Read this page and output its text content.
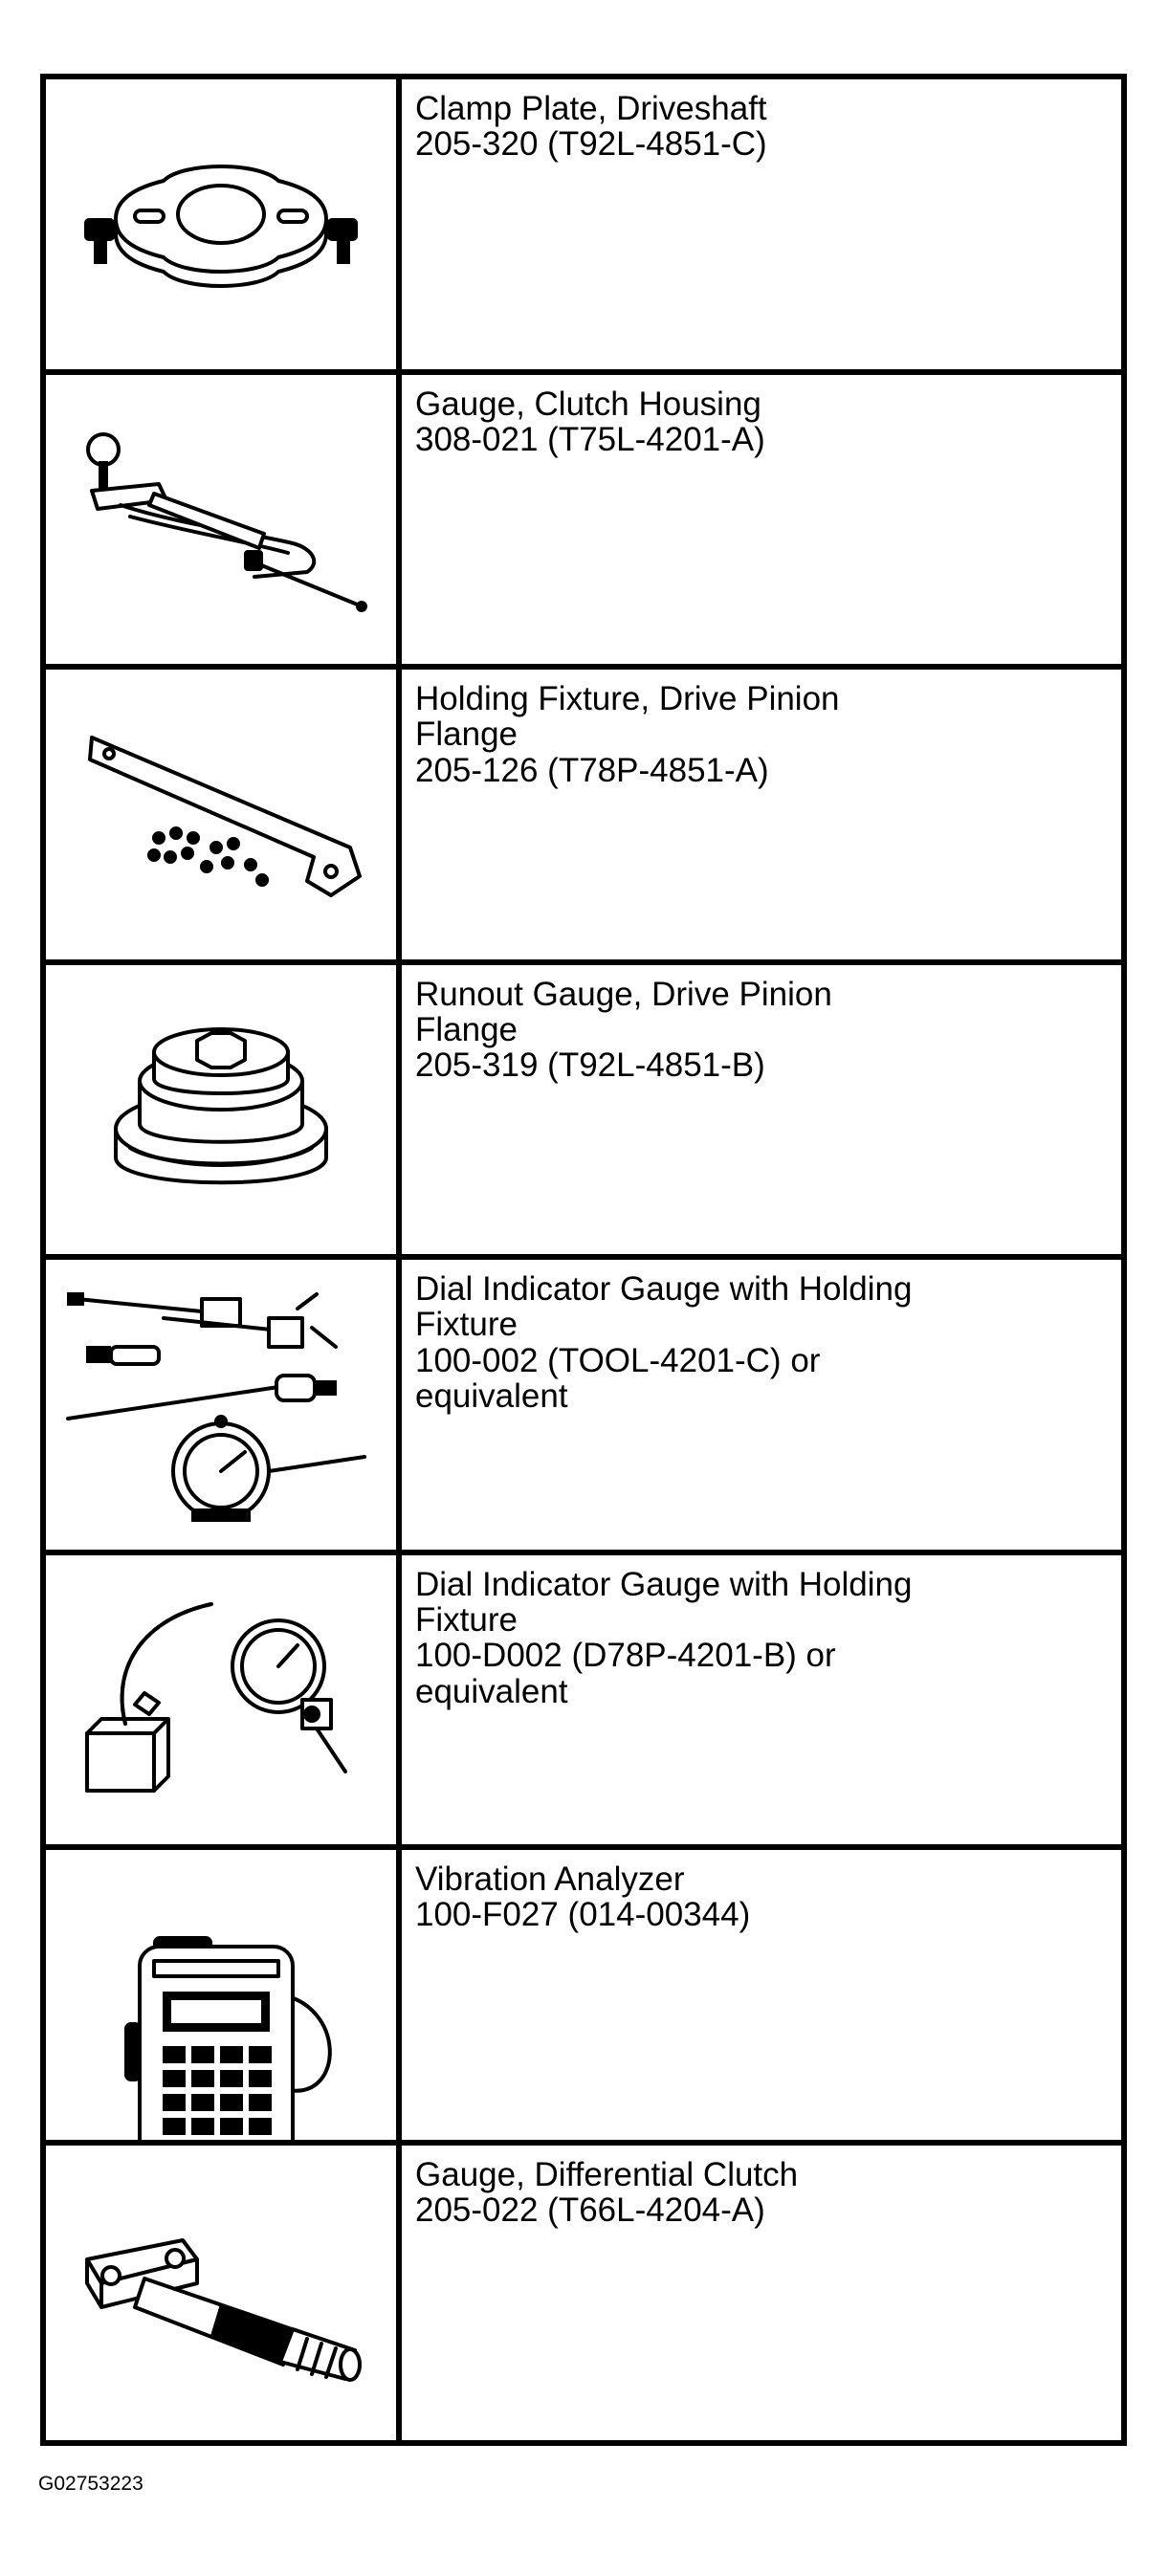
Clamp Plate, Driveshaft
205-320 (T92L-4851-C)
Gauge, Clutch Housing
308-021 (T75L-4201-A)
Holding Fixture, Drive Pinion
Flange
205-126 (T78P-4851-A)
Runout Gauge, Drive Pinion
Flange
205-319 (T92L-4851-B)
Dial Indicator Gauge with Holding
Fixture
100-002 (TOOL-4201-C) or
equivalent
Dial Indicator Gauge with Holding
Fixture
100-D002 (D78P-4201-B) or
equivalent
Vibration Analyzer
100-F027 (014-00344)
Gauge, Differential Clutch
205-022 (T66L-4204-A)
G02753223
